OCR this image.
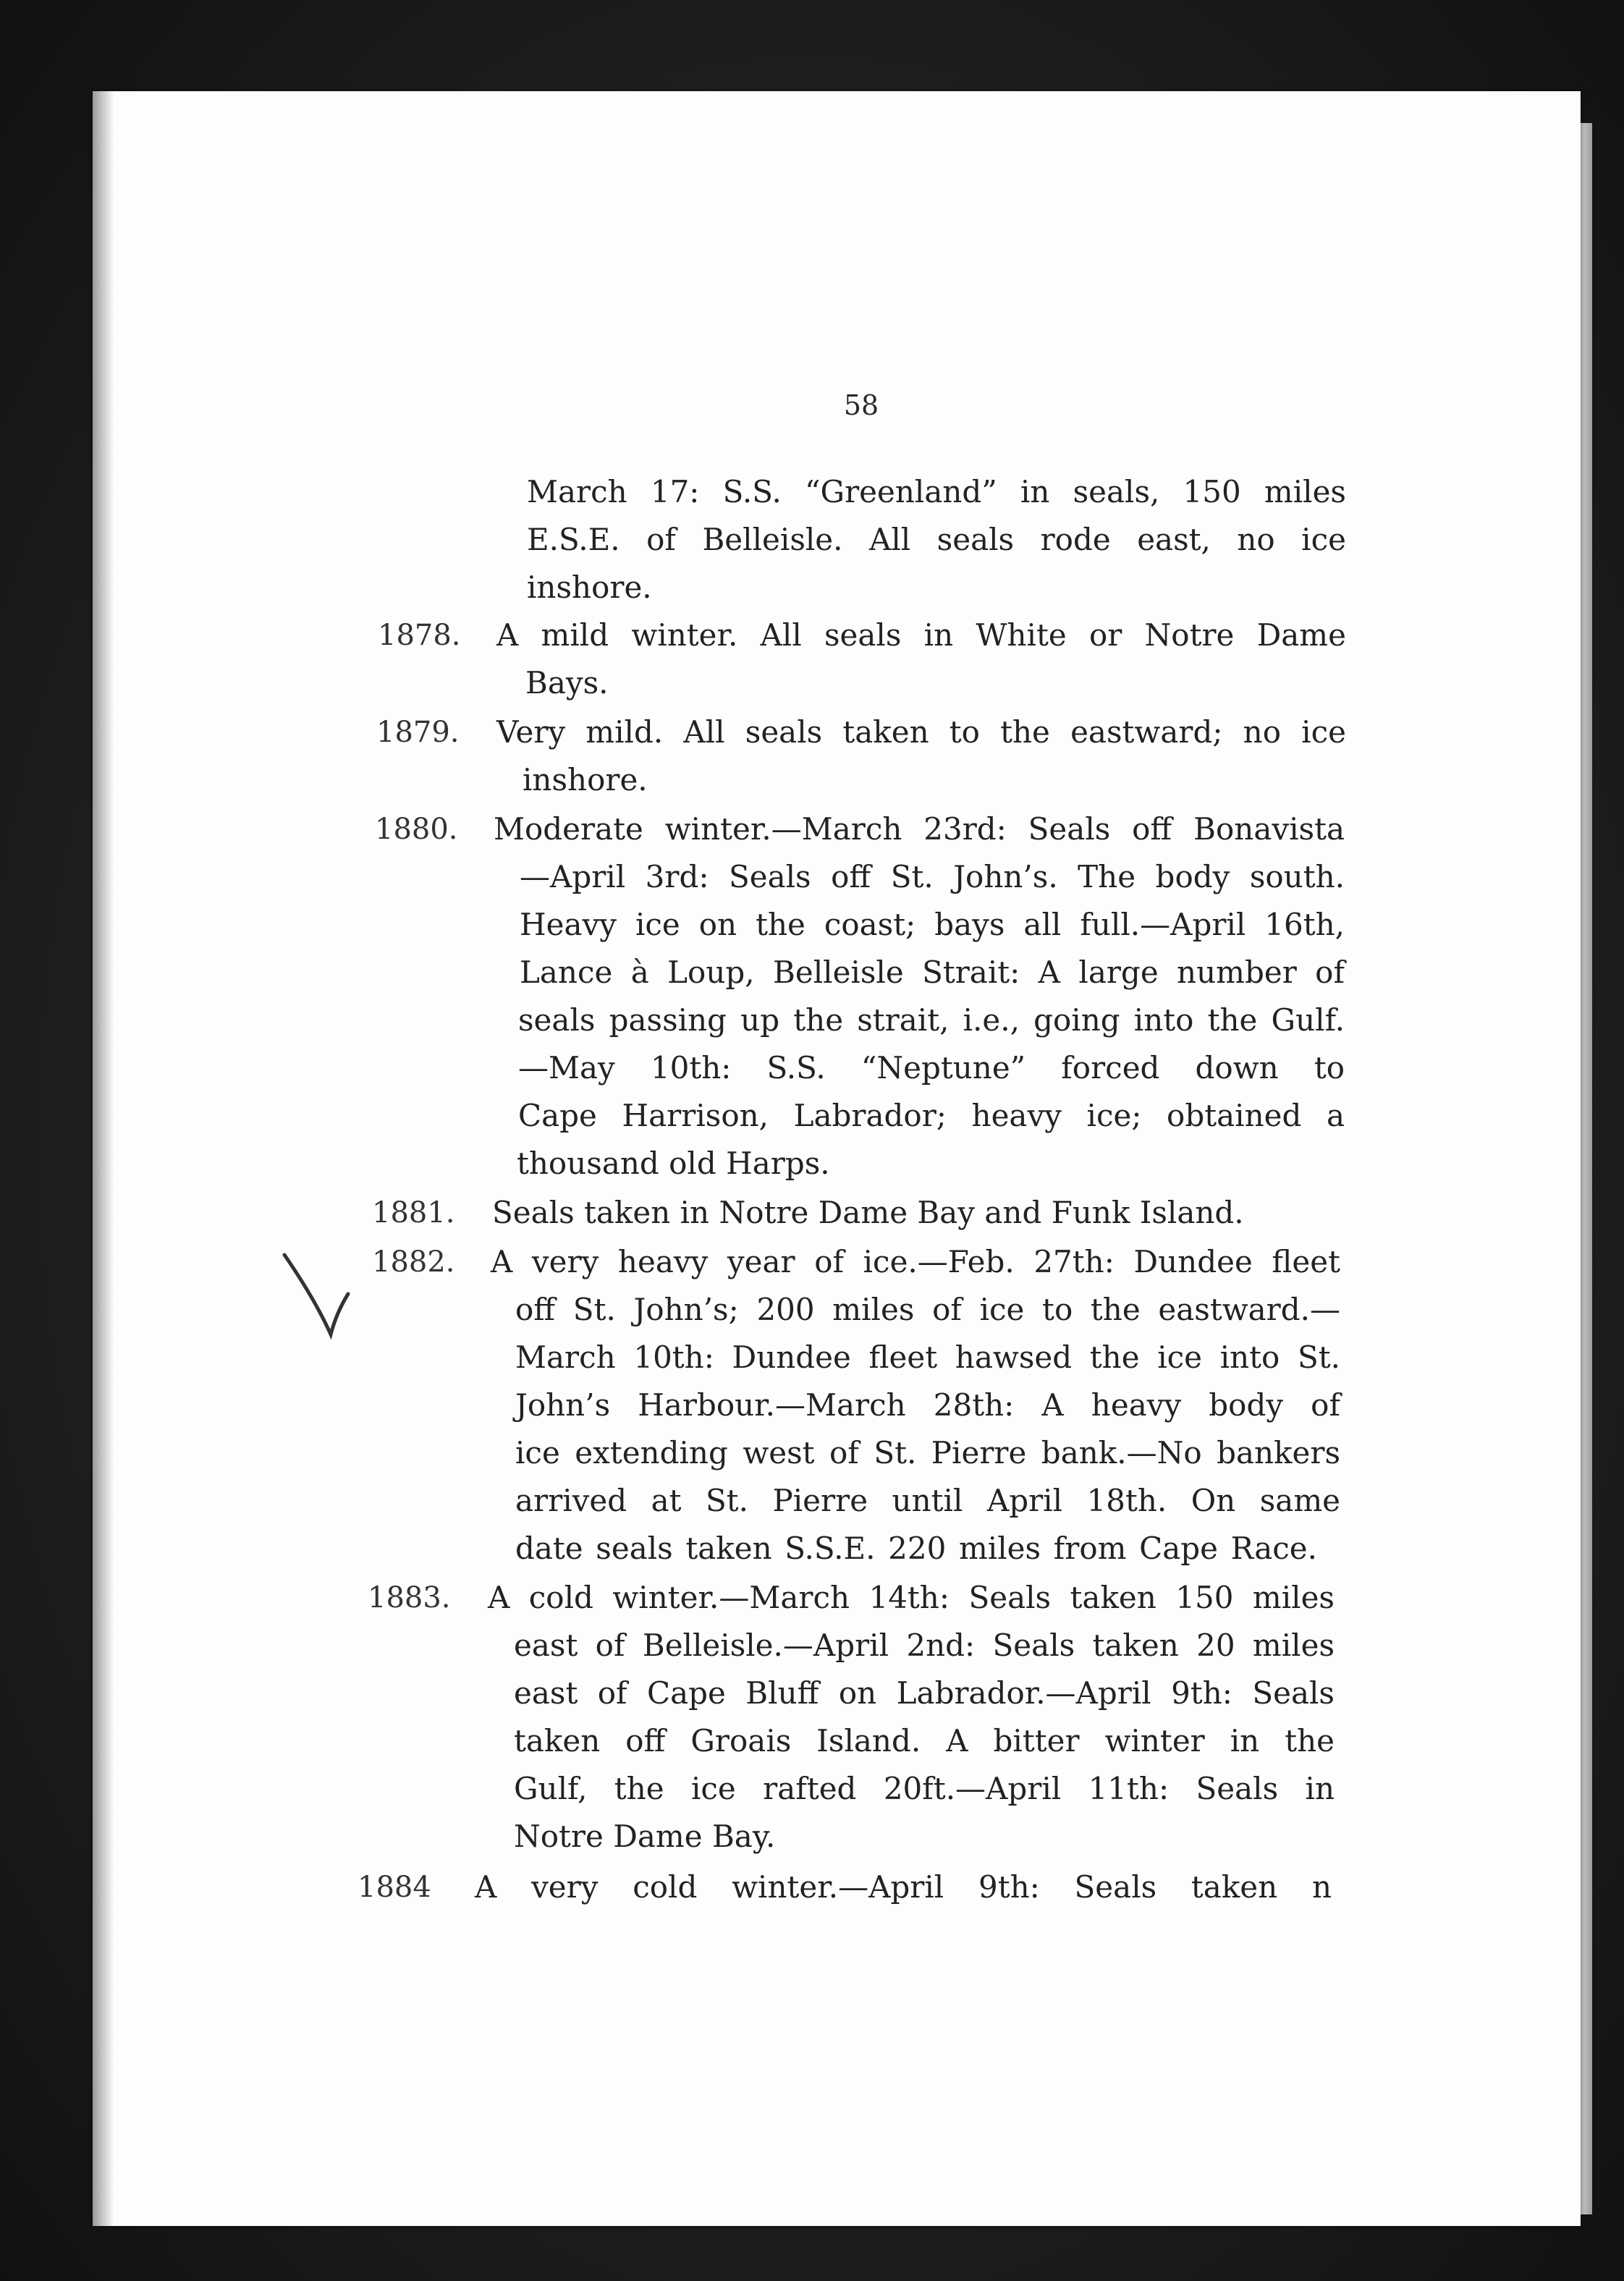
58
March 17: S.S. “Greenland” in seals, 150 miles
E.S.E. of Belleisle. All seals rode east, no ice
inshore.
1878. A mild winter. All seals in White or Notre Dame
Bays.
1879. Very mild. All seals taken to the eastward; no ice
inshore.
1880. Moderate winter.—March 23rd: Seals off Bonavista
—April 3rd: Seals off St. John’s. The body south.
Heavy ice on the coast; bays all full.—April 16th,
Lance à Loup, Belleisle Strait: A large number of
seals passing up the strait, i.e., going into the Gulf.
—May 10th: S.S. “Neptune” forced down to
Cape Harrison, Labrador; heavy ice; obtained a
thousand old Harps.
1881. Seals taken in Notre Dame Bay and Funk Island.
1882. A very heavy year of ice.—Feb. 27th: Dundee fleet
off St. John’s; 200 miles of ice to the eastward.—
March 10th: Dundee fleet hawsed the ice into St.
John’s Harbour.—March 28th: A heavy body of
ice extending west of St. Pierre bank.—No bankers
arrived at St. Pierre until April 18th. On same
date seals taken S.S.E. 220 miles from Cape Race.
1883. A cold winter.—March 14th: Seals taken 150 miles
east of Belleisle.—April 2nd: Seals taken 20 miles
east of Cape Bluff on Labrador.—April 9th: Seals
taken off Groais Island. A bitter winter in the
Gulf, the ice rafted 20ft.—April 11th: Seals in
Notre Dame Bay.
1884 A very cold winter.—April 9th: Seals taken n
